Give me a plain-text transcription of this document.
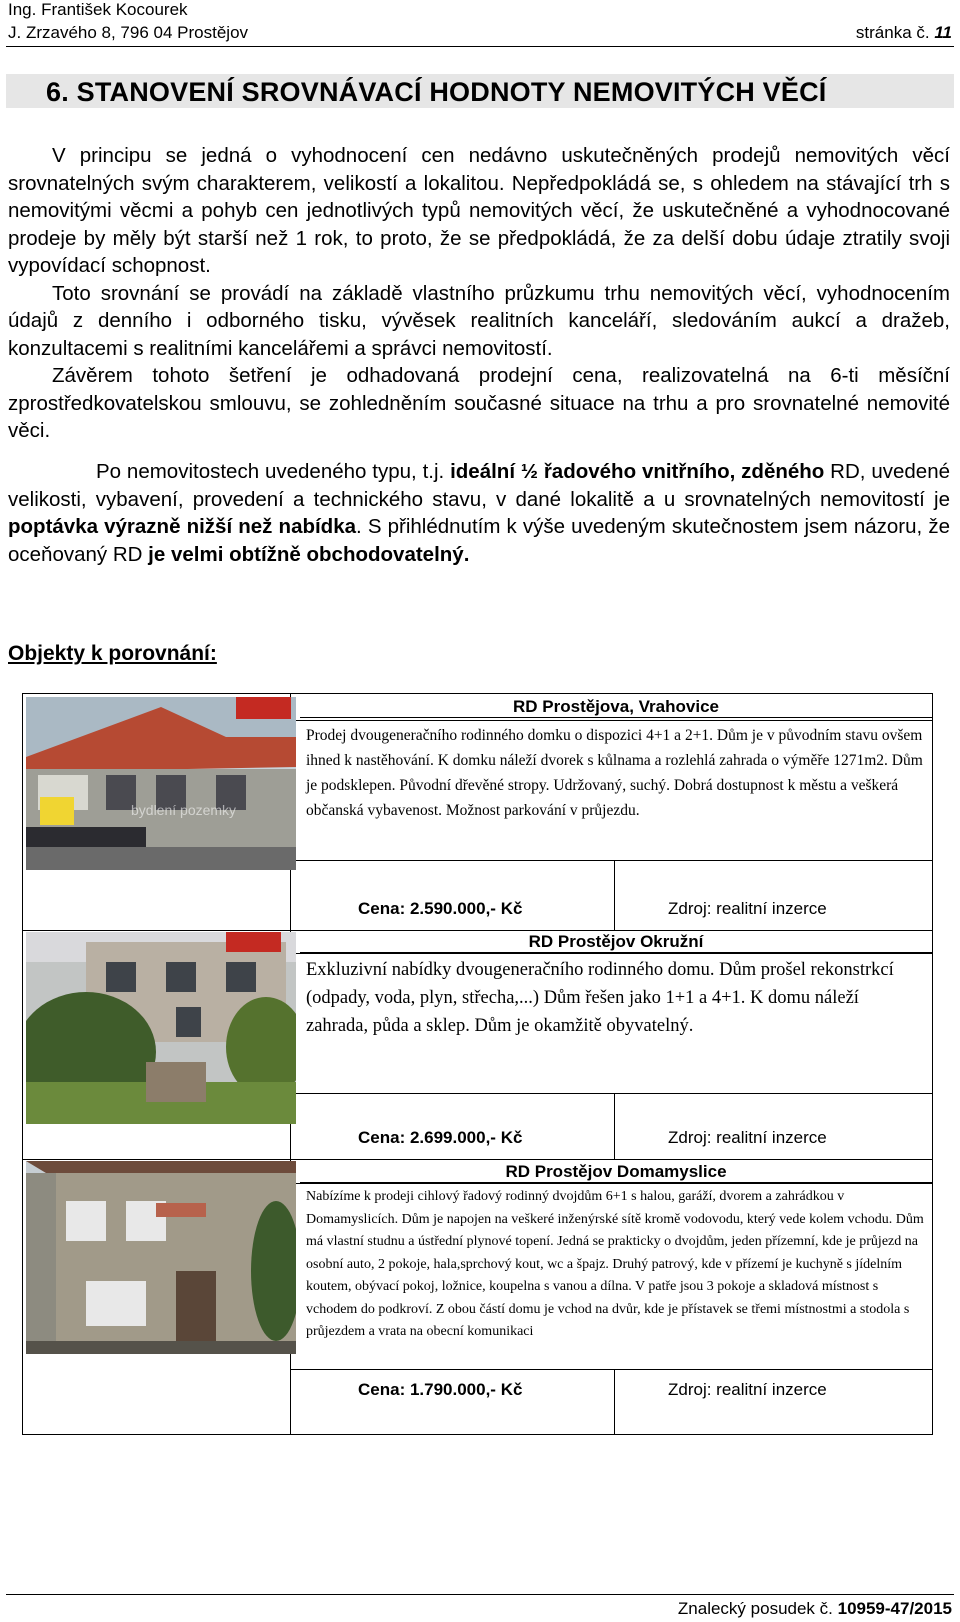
Ing. František Kocourek
J. Zrzavého 8, 796 04 Prostějov	stránka č. 11
6. STANOVENÍ SROVNÁVACÍ HODNOTY NEMOVITÝCH VĚCÍ
V principu se jedná o vyhodnocení cen nedávno uskutečněných prodejů nemovitých věcí srovnatelných svým charakterem, velikostí a lokalitou. Nepředpokládá se, s ohledem na stávající trh s nemovitými věcmi a pohyb cen jednotlivých typů nemovitých věcí, že uskutečněné a vyhodnocované prodeje by měly být starší než 1 rok, to proto, že se předpokládá, že za delší dobu údaje ztratily svoji vypovídací schopnost.
Toto srovnání se provádí na základě vlastního průzkumu trhu nemovitých věcí, vyhodnocením údajů z denního i odborného tisku, vývěsek realitních kanceláří, sledováním aukcí a dražeb, konzultacemi s realitními kancelářemi a správci nemovitostí.
Závěrem tohoto šetření je odhadovaná prodejní cena, realizovatelná na 6-ti měsíční zprostředkovatelskou smlouvu, se zohledněním současné situace na trhu a pro srovnatelné nemovité věci.
Po nemovitostech uvedeného typu, t.j. ideální ½ řadového vnitřního, zděného RD, uvedené velikosti, vybavení, provedení a technického stavu, v dané lokalitě a u srovnatelných nemovitostí je poptávka výrazně nižší než nabídka. S přihlédnutím k výše uvedeným skutečnostem jsem názoru, že oceňovaný RD je velmi obtížně obchodovatelný.
Objekty k porovnání:
bydlení pozemky
RD Prostějova, Vrahovice
Prodej dvougeneračního rodinného domku o dispozici 4+1 a 2+1. Dům je v původním stavu ovšem ihned k nastěhování. K domku náleží dvorek s kůlnama a rozlehlá zahrada o výměře 1271m2. Dům je podsklepen. Původní dřevěné stropy. Udržovaný, suchý. Dobrá dostupnost k městu a veškerá občanská vybavenost. Možnost parkování v průjezdu.
Cena: 2.590.000,- Kč	Zdroj: realitní inzerce
RD Prostějov Okružní
Exkluzivní nabídky dvougeneračního rodinného domu. Dům prošel rekonstrkcí (odpady, voda, plyn, střecha,...) Dům řešen jako 1+1 a 4+1. K domu náleží zahrada, půda a sklep. Dům je okamžitě obyvatelný.
Cena: 2.699.000,- Kč	Zdroj: realitní inzerce
RD Prostějov Domamyslice
Nabízíme k prodeji cihlový řadový rodinný dvojdům 6+1 s halou, garáží, dvorem a zahrádkou v Domamyslicích. Dům je napojen na veškeré inženýrské sítě kromě vodovodu, který vede kolem vchodu. Dům má vlastní studnu a ústřední plynové topení. Jedná se prakticky o dvojdům, jeden přízemní, kde je průjezd na osobní auto, 2 pokoje, hala,sprchový kout, wc a špajz. Druhý patrový, kde v přízemí je kuchyně s jídelním koutem, obývací pokoj, ložnice, koupelna s vanou a dílna. V patře jsou 3 pokoje a skladová místnost s vchodem do podkroví. Z obou částí domu je vchod na dvůr, kde je přístavek se třemi místnostmi a stodola s průjezdem a vrata na obecní komunikaci
Cena: 1.790.000,- Kč	Zdroj: realitní inzerce
Znalecký posudek č. 10959-47/2015
